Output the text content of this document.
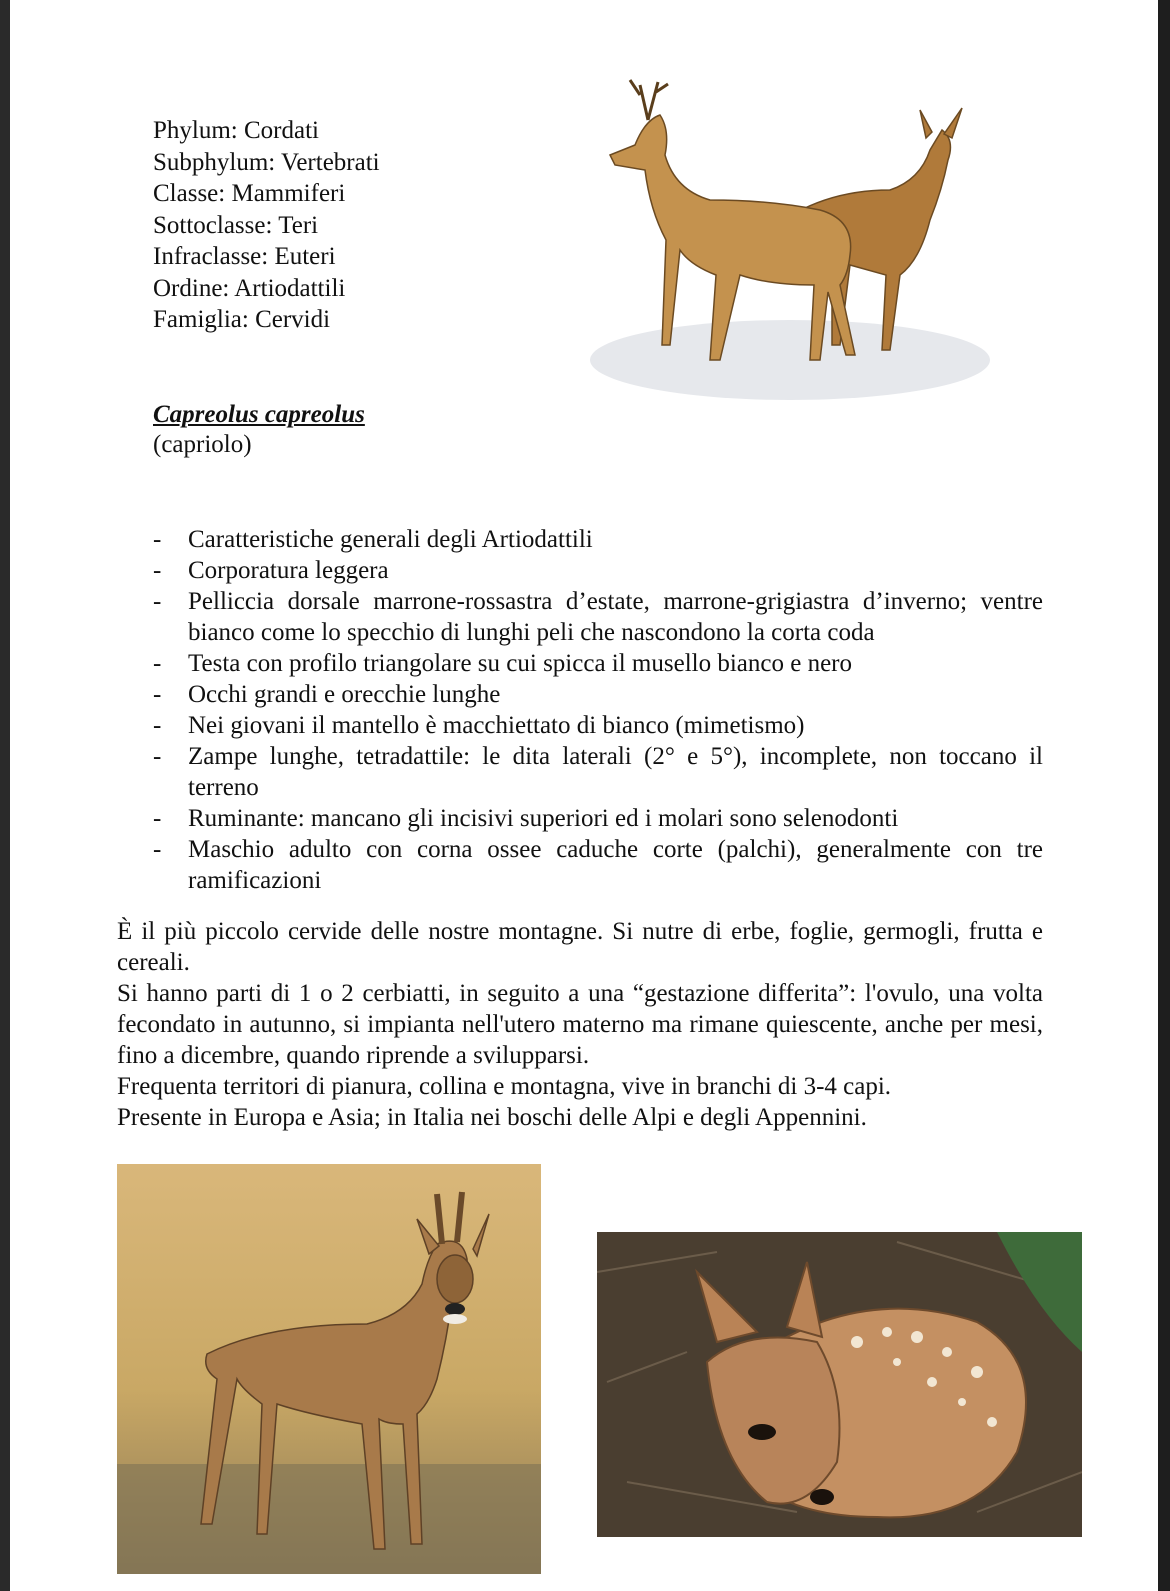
Phylum: Cordati
Subphylum: Vertebrati
Classe: Mammiferi
Sottoclasse: Teri
Infraclasse: Euteri
Ordine: Artiodattili
Famiglia: Cervidi
Capreolus capreolus
(capriolo)
- Caratteristiche generali degli Artiodattili
- Corporatura leggera
- Pelliccia dorsale marrone-rossastra d’estate, marrone-grigiastra d’inverno; ventre bianco come lo specchio di lunghi peli che nascondono la corta coda
- Testa con profilo triangolare su cui spicca il musello bianco e nero
- Occhi grandi e orecchie lunghe
- Nei giovani il mantello è macchiettato di bianco (mimetismo)
- Zampe lunghe, tetradattile: le dita laterali (2° e 5°), incomplete, non toccano il terreno
- Ruminante: mancano gli incisivi superiori ed i molari sono selenodonti
- Maschio adulto con corna ossee caduche corte (palchi), generalmente con tre ramificazioni

È il più piccolo cervide delle nostre montagne. Si nutre di erbe, foglie, germogli, frutta e cereali.

Si hanno parti di 1 o 2 cerbiatti, in seguito a una “gestazione differita”: l'ovulo, una volta fecondato in autunno, si impianta nell'utero materno ma rimane quiescente, anche per mesi, fino a dicembre, quando riprende a svilupparsi.

Frequenta territori di pianura, collina e montagna, vive in branchi di 3-4 capi.

Presente in Europa e Asia; in Italia nei boschi delle Alpi e degli Appennini.
